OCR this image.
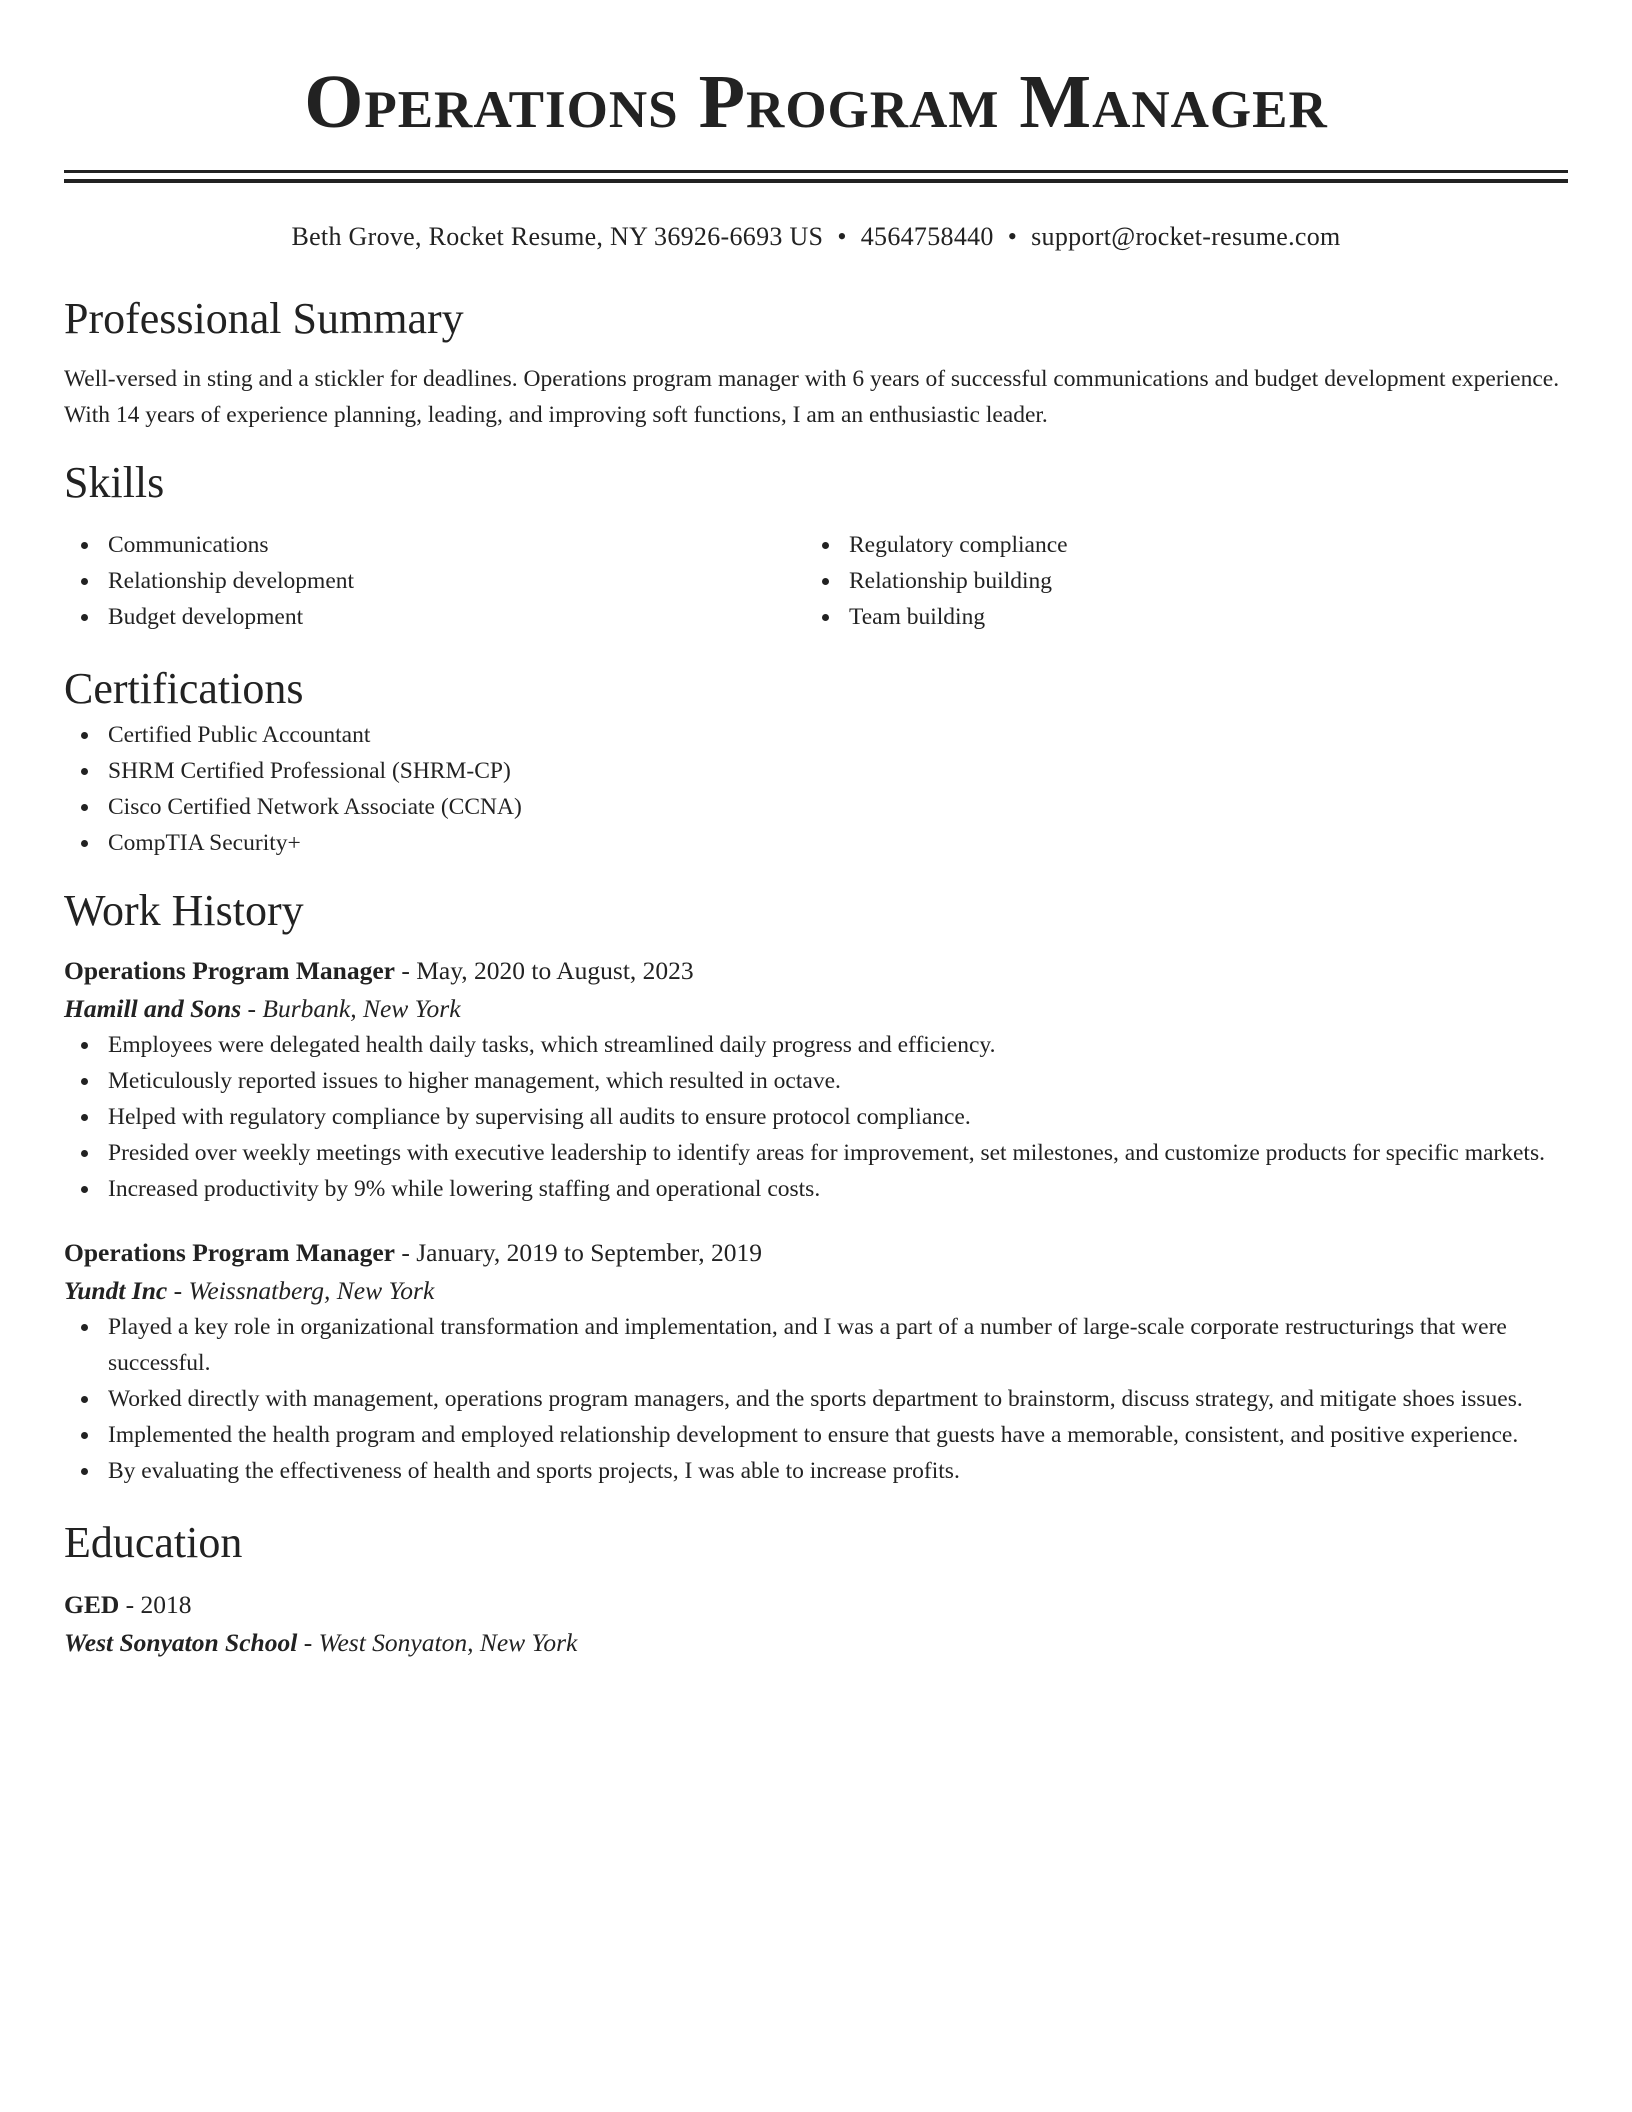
Operations Program Manager
Beth Grove, Rocket Resume, NY 36926-6693 US • 4564758440 • support@rocket-resume.com
Professional Summary
Well-versed in sting and a stickler for deadlines. Operations program manager with 6 years of successful communications and budget development experience. With 14 years of experience planning, leading, and improving soft functions, I am an enthusiastic leader.
Skills
Communications
Relationship development
Budget development
Regulatory compliance
Relationship building
Team building
Certifications
Certified Public Accountant
SHRM Certified Professional (SHRM-CP)
Cisco Certified Network Associate (CCNA)
CompTIA Security+
Work History
Operations Program Manager - May, 2020 to August, 2023
Hamill and Sons - Burbank, New York
Employees were delegated health daily tasks, which streamlined daily progress and efficiency.
Meticulously reported issues to higher management, which resulted in octave.
Helped with regulatory compliance by supervising all audits to ensure protocol compliance.
Presided over weekly meetings with executive leadership to identify areas for improvement, set milestones, and customize products for specific markets.
Increased productivity by 9% while lowering staffing and operational costs.
Operations Program Manager - January, 2019 to September, 2019
Yundt Inc - Weissnatberg, New York
Played a key role in organizational transformation and implementation, and I was a part of a number of large-scale corporate restructurings that were successful.
Worked directly with management, operations program managers, and the sports department to brainstorm, discuss strategy, and mitigate shoes issues.
Implemented the health program and employed relationship development to ensure that guests have a memorable, consistent, and positive experience.
By evaluating the effectiveness of health and sports projects, I was able to increase profits.
Education
GED - 2018
West Sonyaton School - West Sonyaton, New York
